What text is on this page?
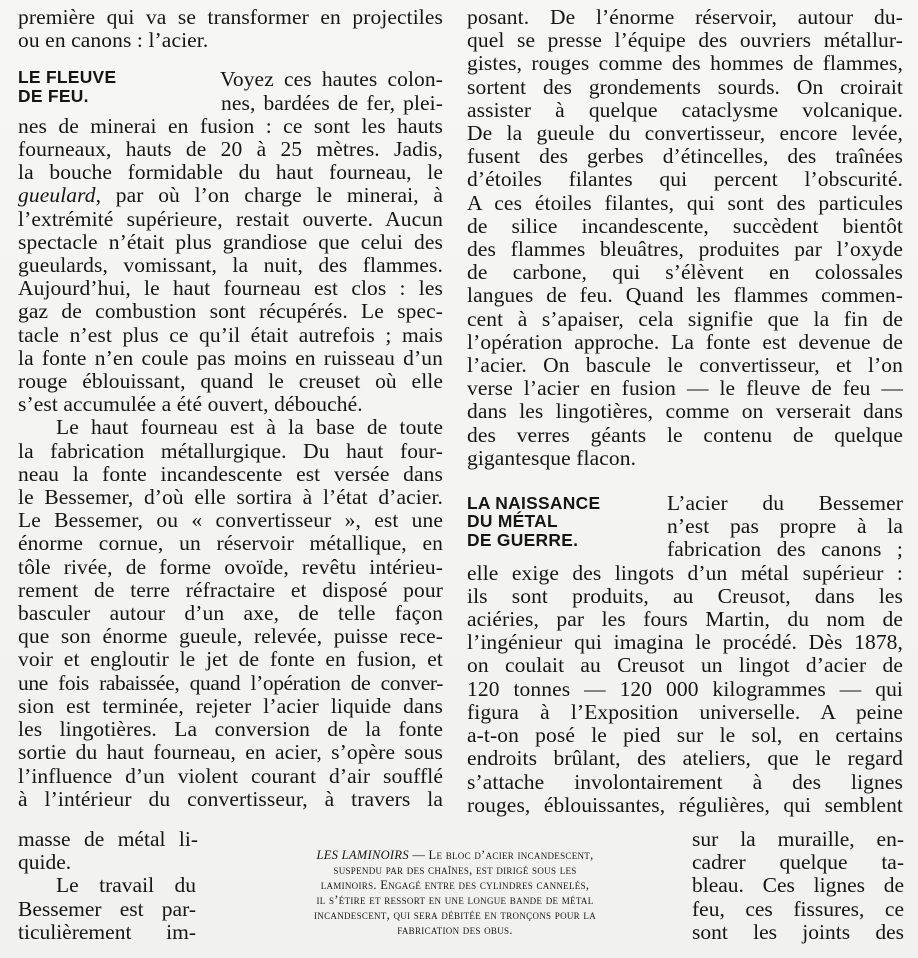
première qui va se transformer en projectiles
ou en canons : l’acier.
LE FLEUVE
DE FEU.
Voyez ces hautes colon-
nes, bardées de fer, plei-
nes de minerai en fusion : ce sont les hauts
fourneaux, hauts de 20 à 25 mètres. Jadis,
la bouche formidable du haut fourneau, le
gueulard, par où l’on charge le minerai, à
l’extrémité supérieure, restait ouverte. Aucun
spectacle n’était plus grandiose que celui des
gueulards, vomissant, la nuit, des flammes.
Aujourd’hui, le haut fourneau est clos : les
gaz de combustion sont récupérés. Le spec-
tacle n’est plus ce qu’il était autrefois ; mais
la fonte n’en coule pas moins en ruisseau d’un
rouge éblouissant, quand le creuset où elle
s’est accumulée a été ouvert, débouché.
Le haut fourneau est à la base de toute
la fabrication métallurgique. Du haut four-
neau la fonte incandescente est versée dans
le Bessemer, d’où elle sortira à l’état d’acier.
Le Bessemer, ou « convertisseur », est une
énorme cornue, un réservoir métallique, en
tôle rivée, de forme ovoïde, revêtu intérieu-
rement de terre réfractaire et disposé pour
basculer autour d’un axe, de telle façon
que son énorme gueule, relevée, puisse rece-
voir et engloutir le jet de fonte en fusion, et
une fois rabaissée, quand l’opération de conver-
sion est terminée, rejeter l’acier liquide dans
les lingotières. La conversion de la fonte
sortie du haut fourneau, en acier, s’opère sous
l’influence d’un violent courant d’air soufflé
à l’intérieur du convertisseur, à travers la
masse de métal li-
quide.
Le travail du
Bessemer est par-
ticulièrement im-
posant. De l’énorme réservoir, autour du-
quel se presse l’équipe des ouvriers métallur-
gistes, rouges comme des hommes de flammes,
sortent des grondements sourds. On croirait
assister à quelque cataclysme volcanique.
De la gueule du convertisseur, encore levée,
fusent des gerbes d’étincelles, des traînées
d’étoiles filantes qui percent l’obscurité.
A ces étoiles filantes, qui sont des particules
de silice incandescente, succèdent bientôt
des flammes bleuâtres, produites par l’oxyde
de carbone, qui s’élèvent en colossales
langues de feu. Quand les flammes commen-
cent à s’apaiser, cela signifie que la fin de
l’opération approche. La fonte est devenue de
l’acier. On bascule le convertisseur, et l’on
verse l’acier en fusion — le fleuve de feu —
dans les lingotières, comme on verserait dans
des verres géants le contenu de quelque
gigantesque flacon.
LA NAISSANCE
DU MÉTAL
DE GUERRE.
L’acier du Bessemer
n’est pas propre à la
fabrication des canons ;
elle exige des lingots d’un métal supérieur :
ils sont produits, au Creusot, dans les
aciéries, par les fours Martin, du nom de
l’ingénieur qui imagina le procédé. Dès 1878,
on coulait au Creusot un lingot d’acier de
120 tonnes — 120 000 kilogrammes — qui
figura à l’Exposition universelle. A peine
a-t-on posé le pied sur le sol, en certains
endroits brûlant, des ateliers, que le regard
s’attache involontairement à des lignes
rouges, éblouissantes, régulières, qui semblent
sur la muraille, en-
cadrer quelque ta-
bleau. Ces lignes de
feu, ces fissures, ce
sont les joints des
LES LAMINOIRS — Le bloc d’acier incandescent,
suspendu par des chaînes, est dirigé sous les
laminoirs. Engagé entre des cylindres cannelés,
il s’étire et ressort en une longue bande de métal
incandescent, qui sera débitée en tronçons pour la
fabrication des obus.
